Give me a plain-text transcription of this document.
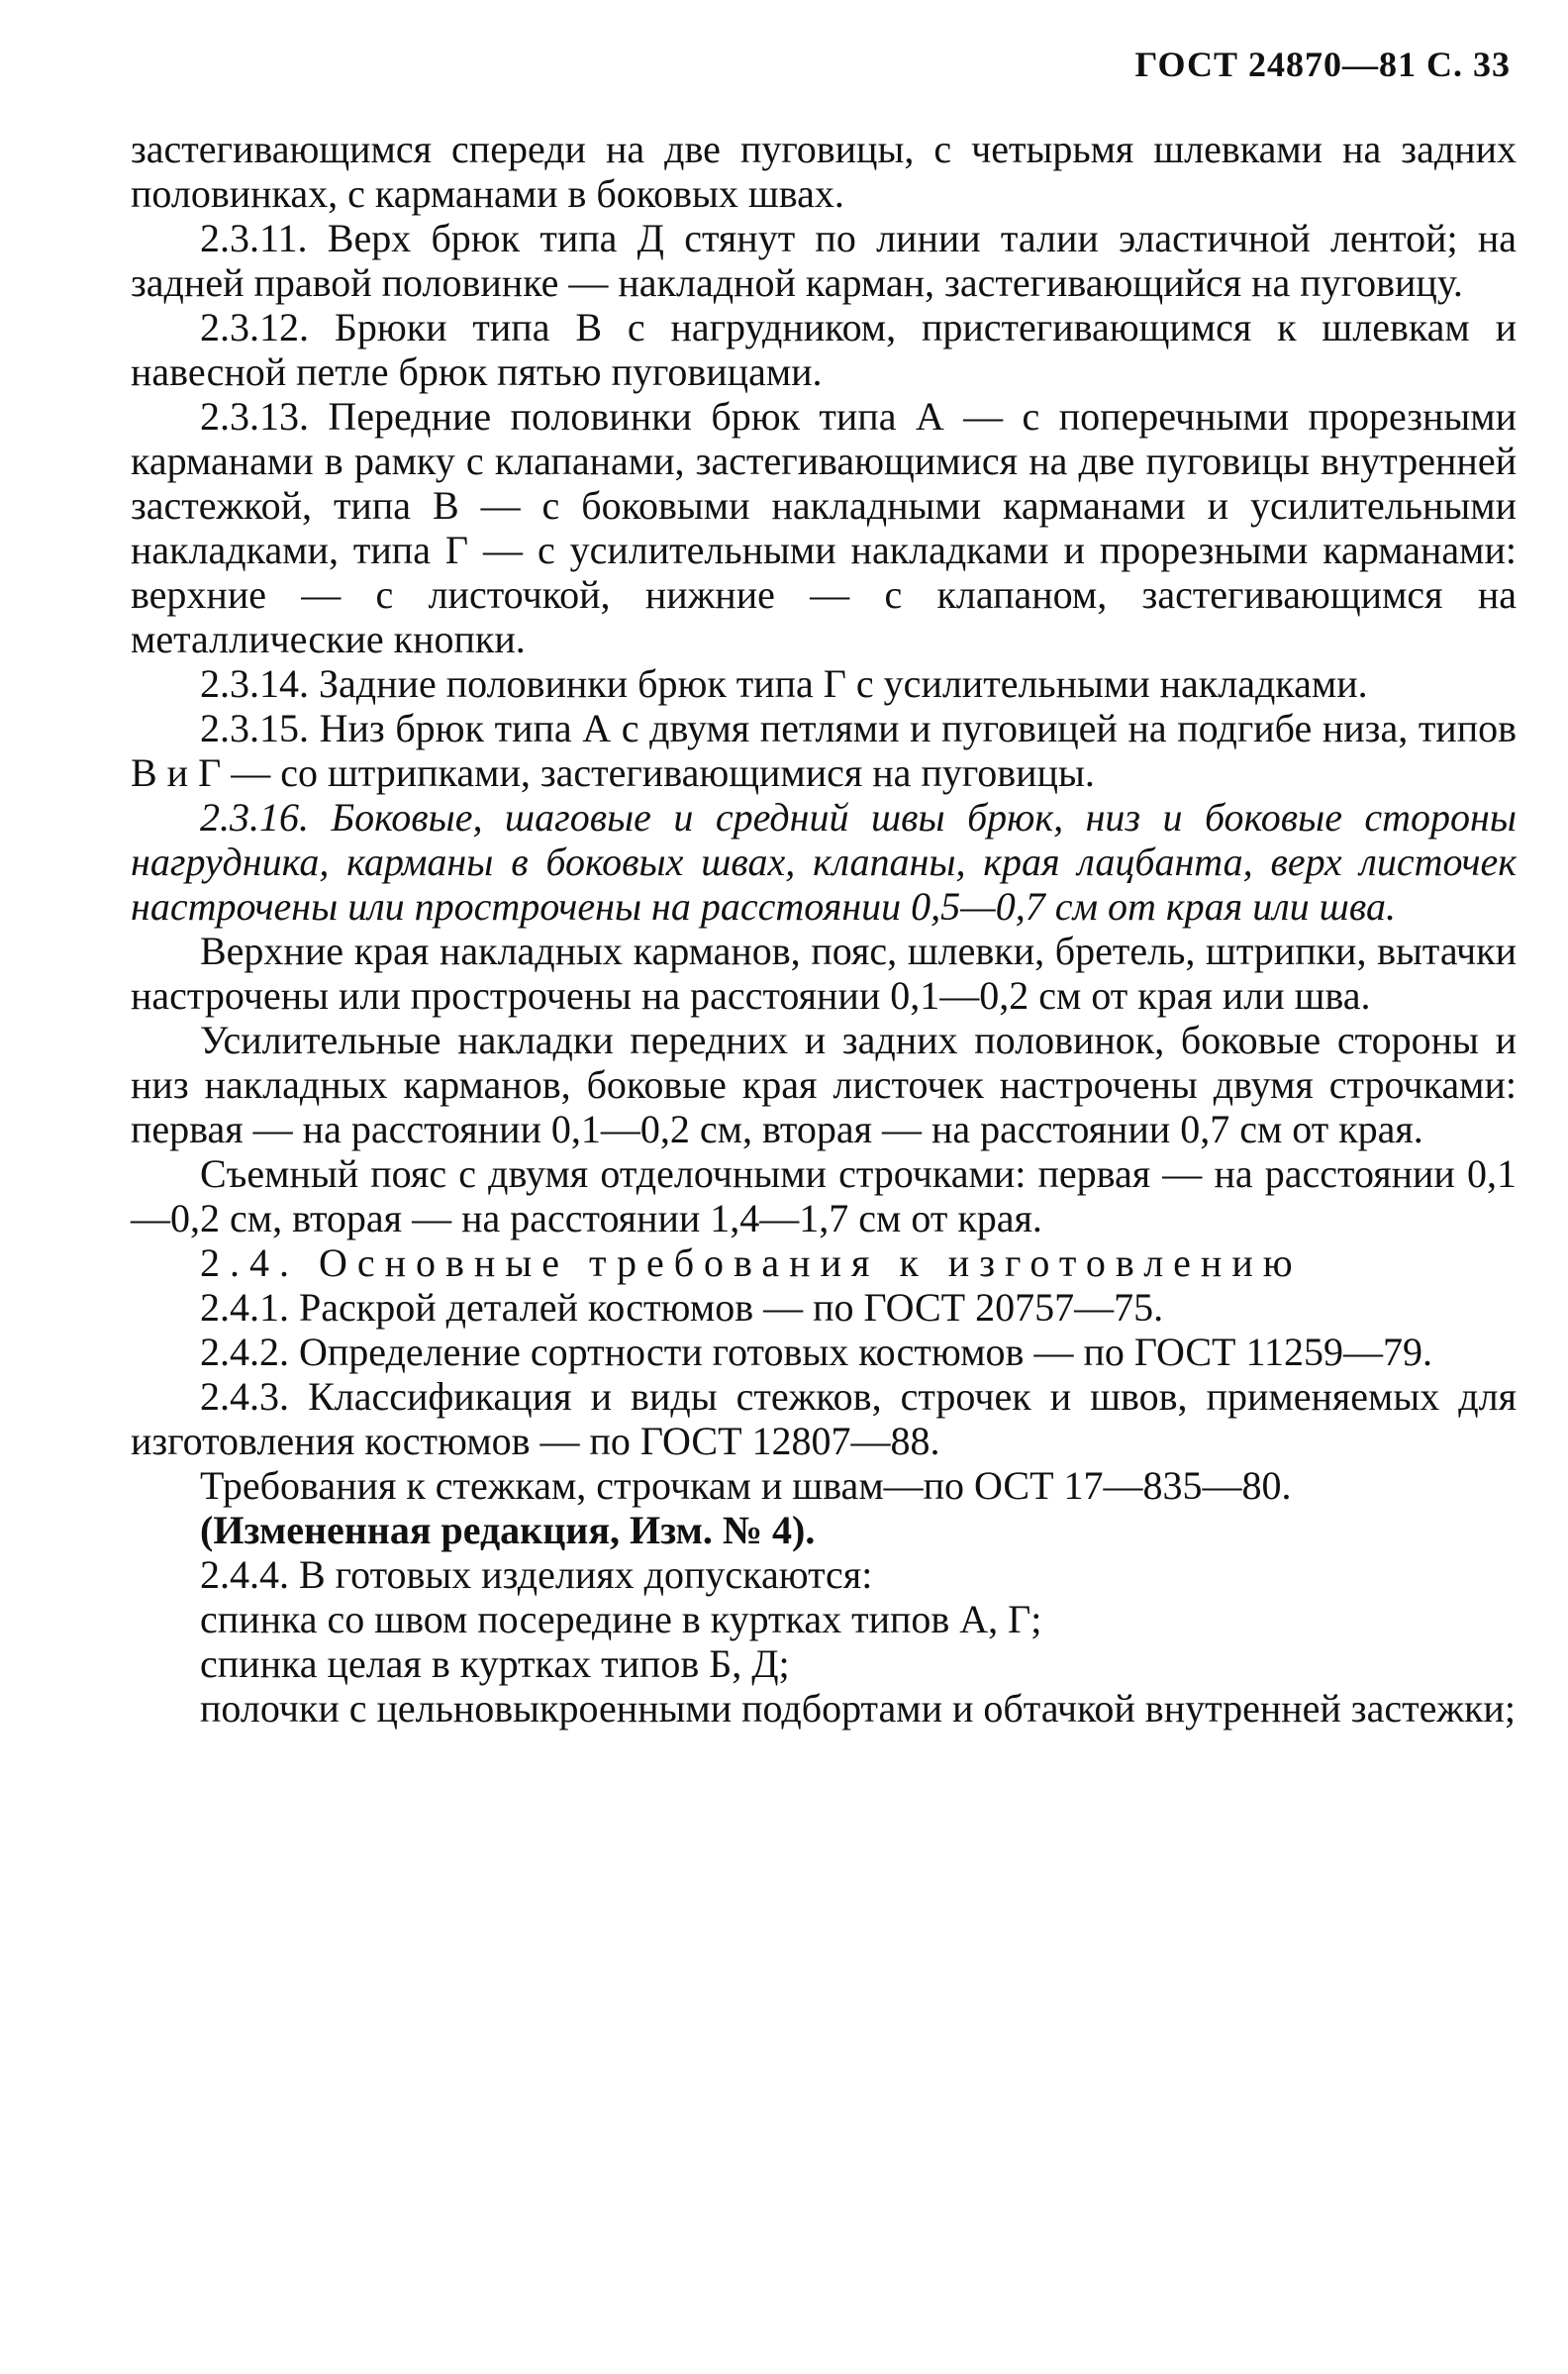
ГОСТ 24870—81 С. 33

застегивающимся спереди на две пуговицы, с четырьмя шлевками на задних половинках, с карманами в боковых швах.

2.3.11. Верх брюк типа Д стянут по линии талии эластичной лентой; на задней правой половинке — накладной карман, застегивающийся на пуговицу.

2.3.12. Брюки типа В с нагрудником, пристегивающимся к шлевкам и навесной петле брюк пятью пуговицами.

2.3.13. Передние половинки брюк типа А — с поперечными прорезными карманами в рамку с клапанами, застегивающимися на две пуговицы внутренней застежкой, типа В — с боковыми накладными карманами и усилительными накладками, типа Г — с усилительными накладками и прорезными карманами: верхние — с листочкой, нижние — с клапаном, застегивающимся на металлические кнопки.

2.3.14. Задние половинки брюк типа Г с усилительными накладками.

2.3.15. Низ брюк типа А с двумя петлями и пуговицей на подгибе низа, типов В и Г — со штрипками, застегивающимися на пуговицы.

2.3.16. Боковые, шаговые и средний швы брюк, низ и боковые стороны нагрудника, карманы в боковых швах, клапаны, края лацбанта, верх листочек настрочены или прострочены на расстоянии 0,5—0,7 см от края или шва.

Верхние края накладных карманов, пояс, шлевки, бретель, штрипки, вытачки настрочены или прострочены на расстоянии 0,1—0,2 см от края или шва.

Усилительные накладки передних и задних половинок, боковые стороны и низ накладных карманов, боковые края листочек настрочены двумя строчками: первая — на расстоянии 0,1—0,2 см, вторая — на расстоянии 0,7 см от края.

Съемный пояс с двумя отделочными строчками: первая — на расстоянии 0,1—0,2 см, вторая — на расстоянии 1,4—1,7 см от края.

2.4. Основные требования к изготовлению

2.4.1. Раскрой деталей костюмов — по ГОСТ 20757—75.

2.4.2. Определение сортности готовых костюмов — по ГОСТ 11259—79.

2.4.3. Классификация и виды стежков, строчек и швов, применяемых для изготовления костюмов — по ГОСТ 12807—88.

Требования к стежкам, строчкам и швам—по ОСТ 17—835—80.

(Измененная редакция, Изм. № 4).

2.4.4. В готовых изделиях допускаются:

спинка со швом посередине в куртках типов А, Г;

спинка целая в куртках типов Б, Д;

полочки с цельновыкроенными подбортами и обтачкой внутренней застежки;
